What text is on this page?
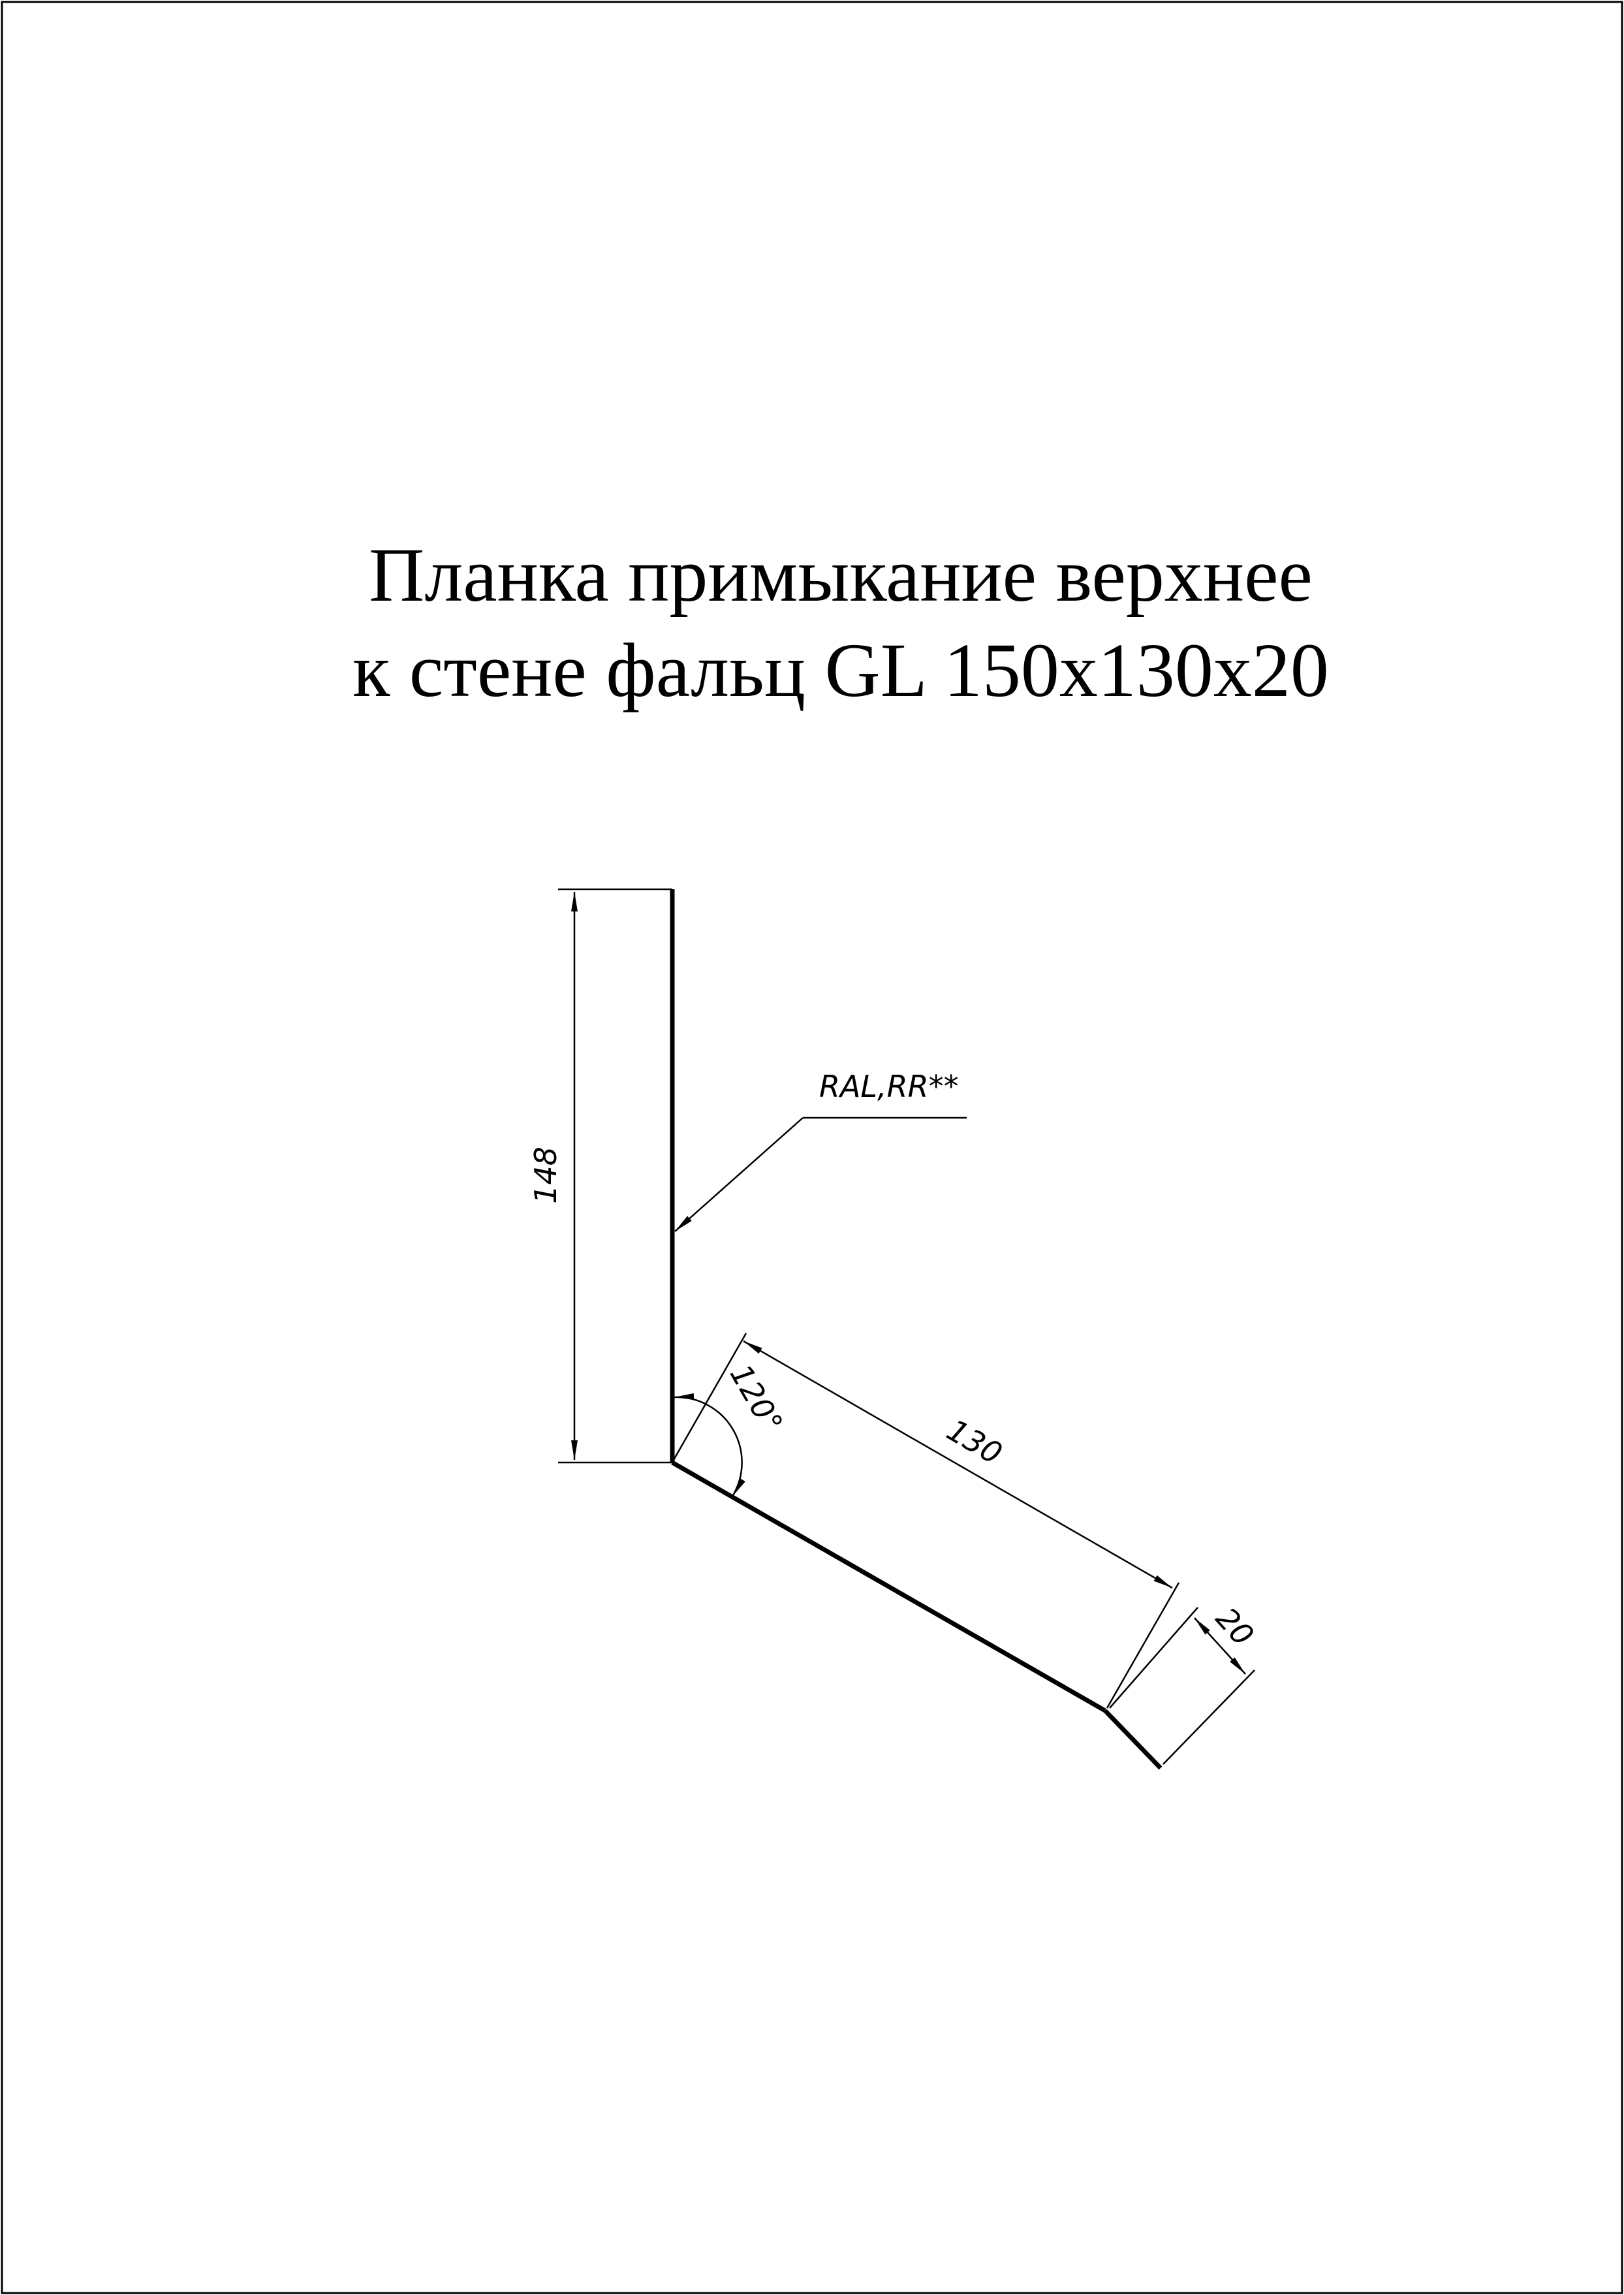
Планка примыкание верхнее
к стене фальц GL 150x130x20
148
RAL,RR**
120°
130
20
